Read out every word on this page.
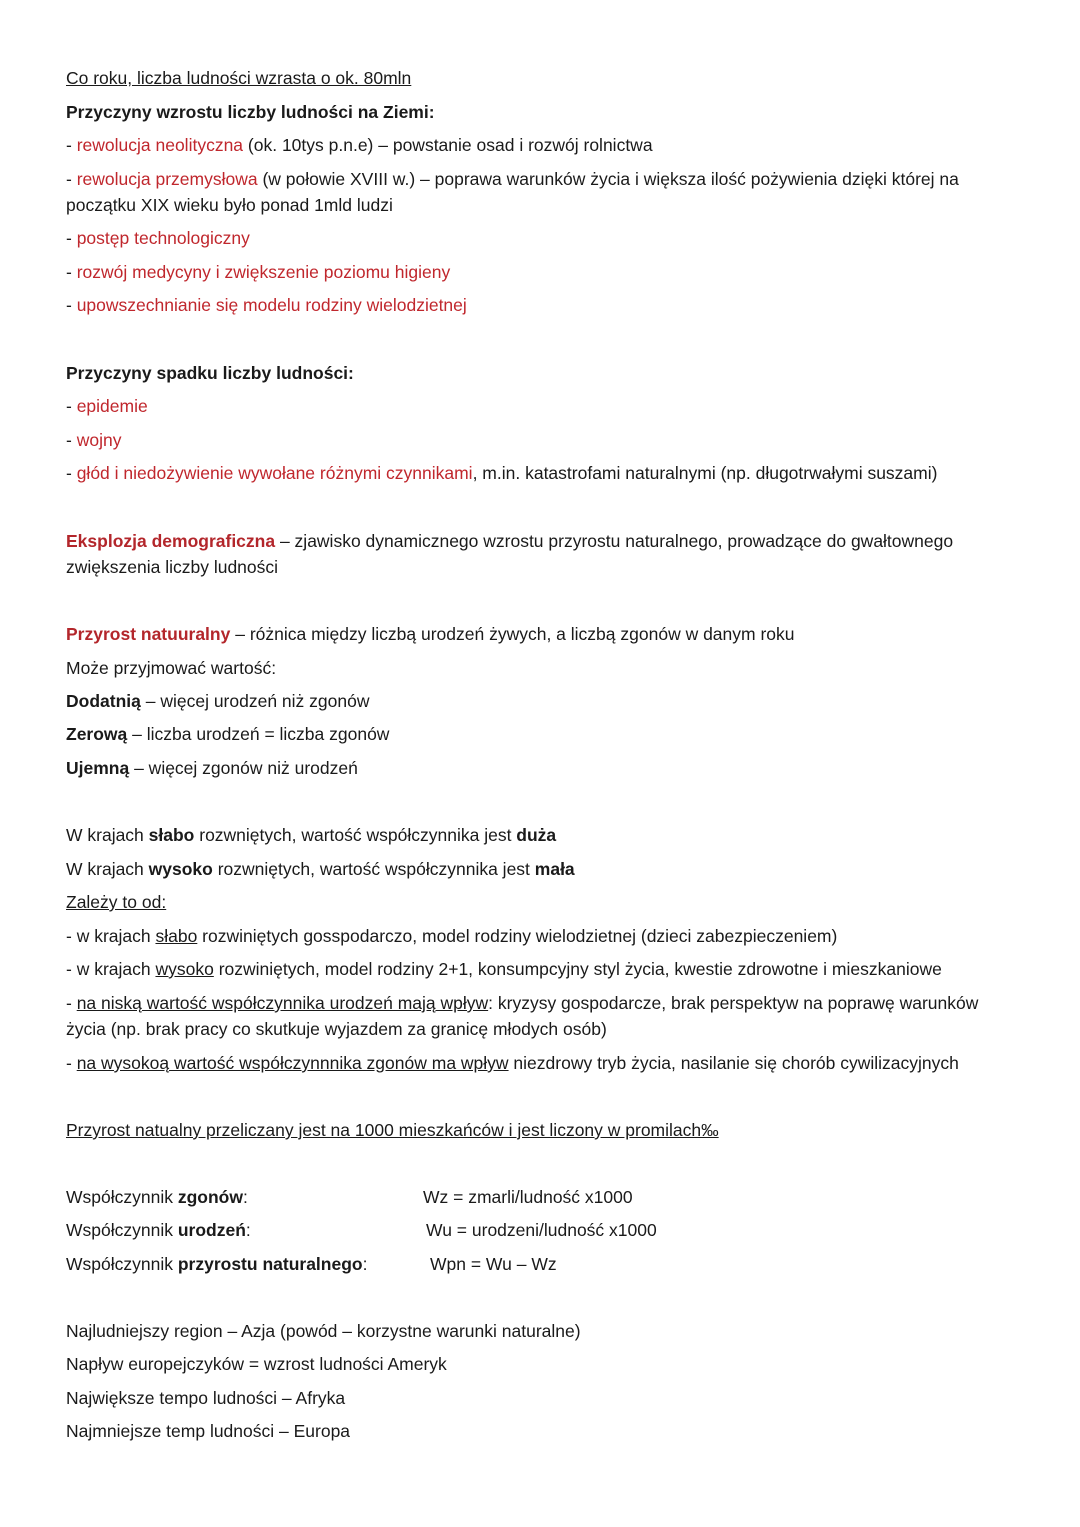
Co roku, liczba ludności wzrasta o ok. 80mln
Przyczyny wzrostu liczby ludności na Ziemi:
- rewolucja neolityczna (ok. 10tys p.n.e) – powstanie osad i rozwój rolnictwa
- rewolucja przemysłowa (w połowie XVIII w.) – poprawa warunków życia i większa ilość pożywienia dzięki której na początku XIX wieku było ponad 1mld ludzi
- postęp technologiczny
- rozwój medycyny i zwiększenie poziomu higieny
- upowszechnianie się modelu rodziny wielodzietnej
Przyczyny spadku liczby ludności:
- epidemie
- wojny
- głód i niedożywienie wywołane różnymi czynnikami, m.in. katastrofami naturalnymi (np. długotrwałymi suszami)
Eksplozja demograficzna – zjawisko dynamicznego wzrostu przyrostu naturalnego, prowadzące do gwałtownego zwiększenia liczby ludności
Przyrost natuuralny – różnica między liczbą urodzeń żywych, a liczbą zgonów w danym roku
Może przyjmować wartość:
Dodatnią – więcej urodzeń niż zgonów
Zerową – liczba urodzeń = liczba zgonów
Ujemną – więcej zgonów niż urodzeń
W krajach słabo rozwniętych, wartość współczynnika jest duża
W krajach wysoko rozwniętych, wartość współczynnika jest mała
Zależy to od:
- w krajach słabo rozwiniętych gosspodarczo, model rodziny wielodzietnej (dzieci zabezpieczeniem)
- w krajach wysoko rozwiniętych, model rodziny 2+1, konsumpcyjny styl życia, kwestie zdrowotne i mieszkaniowe
- na niską wartość współczynnika urodzeń mają wpływ: kryzysy gospodarcze, brak perspektyw na poprawę warunków życia (np. brak pracy co skutkuje wyjazdem za granicę młodych osób)
- na wysokoą wartość współczynnnika zgonów ma wpływ niezdrowy tryb życia, nasilanie się chorób cywilizacyjnych
Przyrost natualny przeliczany jest na 1000 mieszkańców i jest liczony w promilach‰
Współczynnik zgonów:	Wz = zmarli/ludność x1000
Współczynnik urodzeń:	Wu = urodzeni/ludność x1000
Współczynnik przyrostu naturalnego:	Wpn = Wu – Wz
Najludniejszy region – Azja (powód – korzystne warunki naturalne)
Napływ europejczyków = wzrost ludności Ameryk
Największe tempo ludności – Afryka
Najmniejsze temp ludności – Europa
